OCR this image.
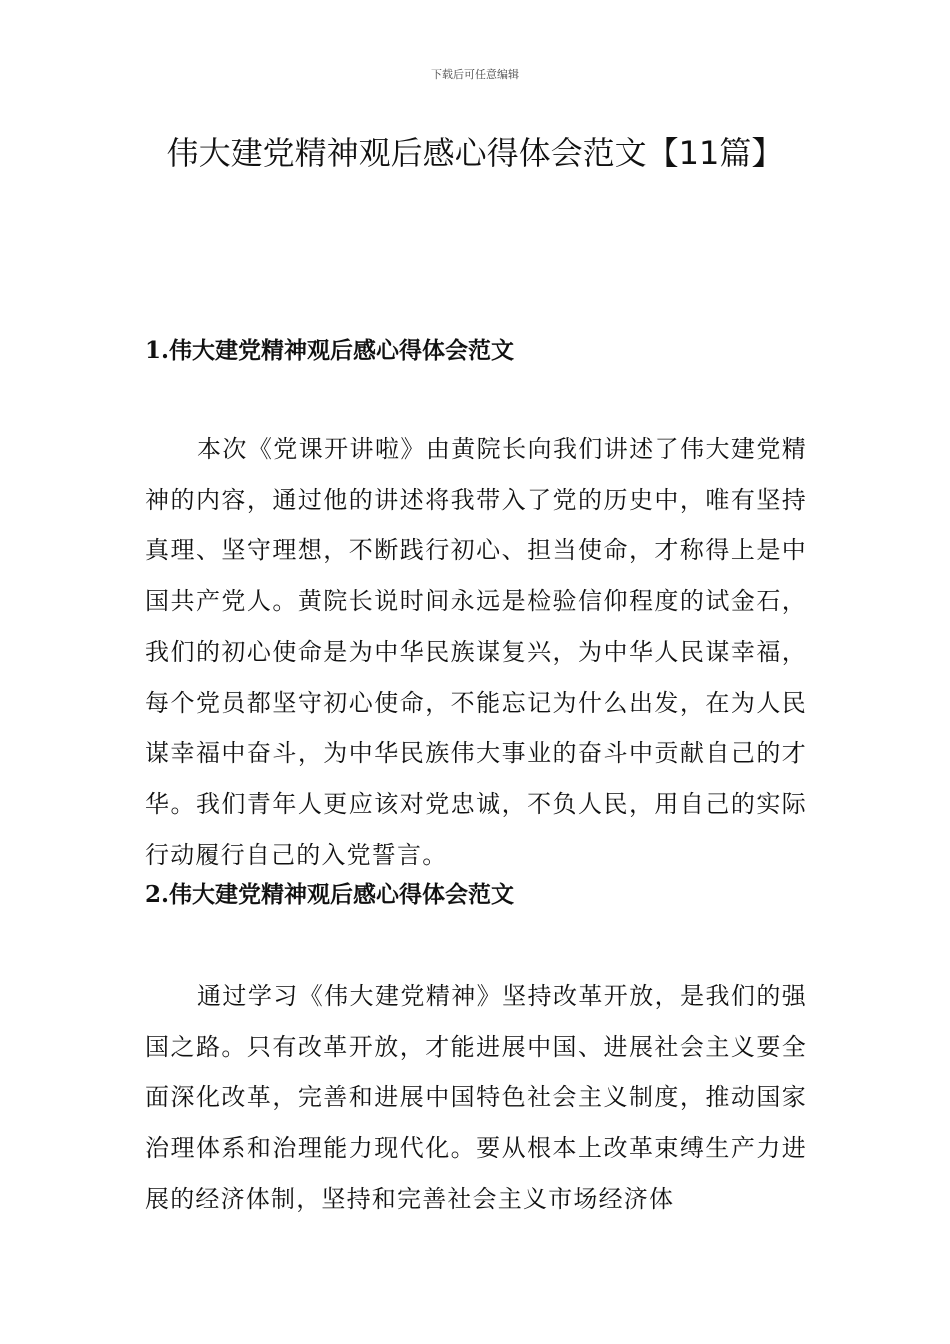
下载后可任意编辑
伟大建党精神观后感心得体会范文【11篇】
1.伟大建党精神观后感心得体会范文

本次《党课开讲啦》由黄院长向我们讲述了伟大建党精神的内容，通过他的讲述将我带入了党的历史中，唯有坚持真理、坚守理想，不断践行初心、担当使命，才称得上是中国共产党人。黄院长说时间永远是检验信仰程度的试金石，我们的初心使命是为中华民族谋复兴，为中华人民谋幸福，每个党员都坚守初心使命，不能忘记为什么出发，在为人民谋幸福中奋斗，为中华民族伟大事业的奋斗中贡献自己的才华。我们青年人更应该对党忠诚，不负人民，用自己的实际行动履行自己的入党誓言。

2.伟大建党精神观后感心得体会范文

通过学习《伟大建党精神》坚持改革开放，是我们的强国之路。只有改革开放，才能进展中国、进展社会主义要全面深化改革，完善和进展中国特色社会主义制度，推动国家治理体系和治理能力现代化。要从根本上改革束缚生产力进展的经济体制，坚持和完善社会主义市场经济体
